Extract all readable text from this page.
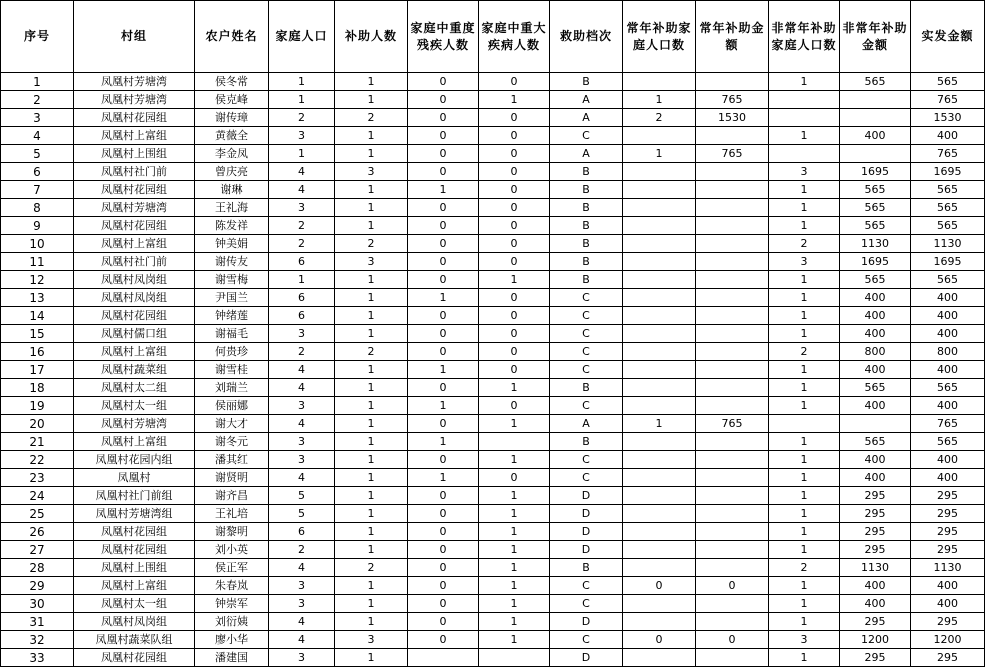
序号	村组	农户姓名	家庭人口	补助人数	家庭中重度残疾人数	家庭中重大疾病人数	救助档次	常年补助家庭人口数	常年补助金额	非常年补助家庭人口数	非常年补助金额	实发金额
1	凤凰村芳塘湾	侯冬常	1	1	0	0	B			1	565	565
2	凤凰村芳塘湾	侯克峰	1	1	0	1	A	1	765			765
3	凤凰村花园组	谢传璋	2	2	0	0	A	2	1530			1530
4	凤凰村上富组	黄薇全	3	1	0	0	C			1	400	400
5	凤凰村上围组	李金凤	1	1	0	0	A	1	765			765
6	凤凰村社门前	曾庆亮	4	3	0	0	B			3	1695	1695
7	凤凰村花园组	谢琳	4	1	1	0	B			1	565	565
8	凤凰村芳塘湾	王礼海	3	1	0	0	B			1	565	565
9	凤凰村花园组	陈发祥	2	1	0	0	B			1	565	565
10	凤凰村上富组	钟美娟	2	2	0	0	B			2	1130	1130
11	凤凰村社门前	谢传友	6	3	0	0	B			3	1695	1695
12	凤凰村凤岗组	谢雪梅	1	1	0	1	B			1	565	565
13	凤凰村凤岗组	尹国兰	6	1	1	0	C			1	400	400
14	凤凰村花园组	钟绪莲	6	1	0	0	C			1	400	400
15	凤凰村儒口组	谢福毛	3	1	0	0	C			1	400	400
16	凤凰村上富组	何贵珍	2	2	0	0	C			2	800	800
17	凤凰村蔬菜组	谢雪桂	4	1	1	0	C			1	400	400
18	凤凰村太二组	刘瑞兰	4	1	0	1	B			1	565	565
19	凤凰村太一组	侯丽娜	3	1	1	0	C			1	400	400
20	凤凰村芳塘湾	谢大才	4	1	0	1	A	1	765			765
21	凤凰村上富组	谢冬元	3	1	1		B			1	565	565
22	凤凰村花园内组	潘其红	3	1	0	1	C			1	400	400
23	凤凰村	谢贤明	4	1	1	0	C			1	400	400
24	凤凰村社门前组	谢齐昌	5	1	0	1	D			1	295	295
25	凤凰村芳塘湾组	王礼培	5	1	0	1	D			1	295	295
26	凤凰村花园组	谢黎明	6	1	0	1	D			1	295	295
27	凤凰村花园组	刘小英	2	1	0	1	D			1	295	295
28	凤凰村上围组	侯正军	4	2	0	1	B			2	1130	1130
29	凤凰村上富组	朱春岚	3	1	0	1	C	0	0	1	400	400
30	凤凰村太一组	钟崇军	3	1	0	1	C			1	400	400
31	凤凰村凤岗组	刘衍姨	4	1	0	1	D			1	295	295
32	凤凰村蔬菜队组	廖小华	4	3	0	1	C	0	0	3	1200	1200
33	凤凰村花园组	潘建国	3	1			D			1	295	295
